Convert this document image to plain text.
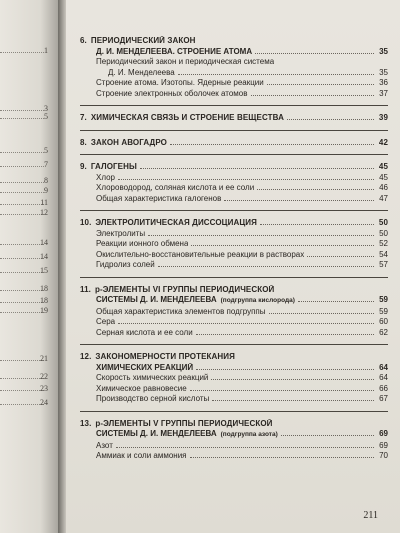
1
3
5
5
7
8
9
11
12
14
14
15
18
18
19
21
22
23
24
6. ПЕРИОДИЧЕСКИЙ ЗАКОН
Д. И. МЕНДЕЛЕЕВА. СТРОЕНИЕ АТОМА	35
Периодический закон и периодическая система
Д. И. Менделеева	35
Строение атома. Изотопы. Ядерные реакции	36
Строение электронных оболочек атомов	37
7. ХИМИЧЕСКАЯ СВЯЗЬ И СТРОЕНИЕ ВЕЩЕСТВА	39
8. ЗАКОН АВОГАДРО	42
9. ГАЛОГЕНЫ	45
Хлор	45
Хлороводород, соляная кислота и ее соли	46
Общая характеристика галогенов	47
10. ЭЛЕКТРОЛИТИЧЕСКАЯ ДИССОЦИАЦИЯ	50
Электролиты	50
Реакции ионного обмена	52
Окислительно-восстановительные реакции в растворах	54
Гидролиз солей	57
11. p-ЭЛЕМЕНТЫ VI ГРУППЫ ПЕРИОДИЧЕСКОЙ
СИСТЕМЫ Д. И. МЕНДЕЛЕЕВА (подгруппа кислорода)	59
Общая характеристика элементов подгруппы	59
Сера	60
Серная кислота и ее соли	62
12. ЗАКОНОМЕРНОСТИ ПРОТЕКАНИЯ
ХИМИЧЕСКИХ РЕАКЦИЙ	64
Скорость химических реакций	64
Химическое равновесие	66
Производство серной кислоты	67
13. p-ЭЛЕМЕНТЫ V ГРУППЫ ПЕРИОДИЧЕСКОЙ
СИСТЕМЫ Д. И. МЕНДЕЛЕЕВА (подгруппа азота)	69
Азот	69
Аммиак и соли аммония	70
211
